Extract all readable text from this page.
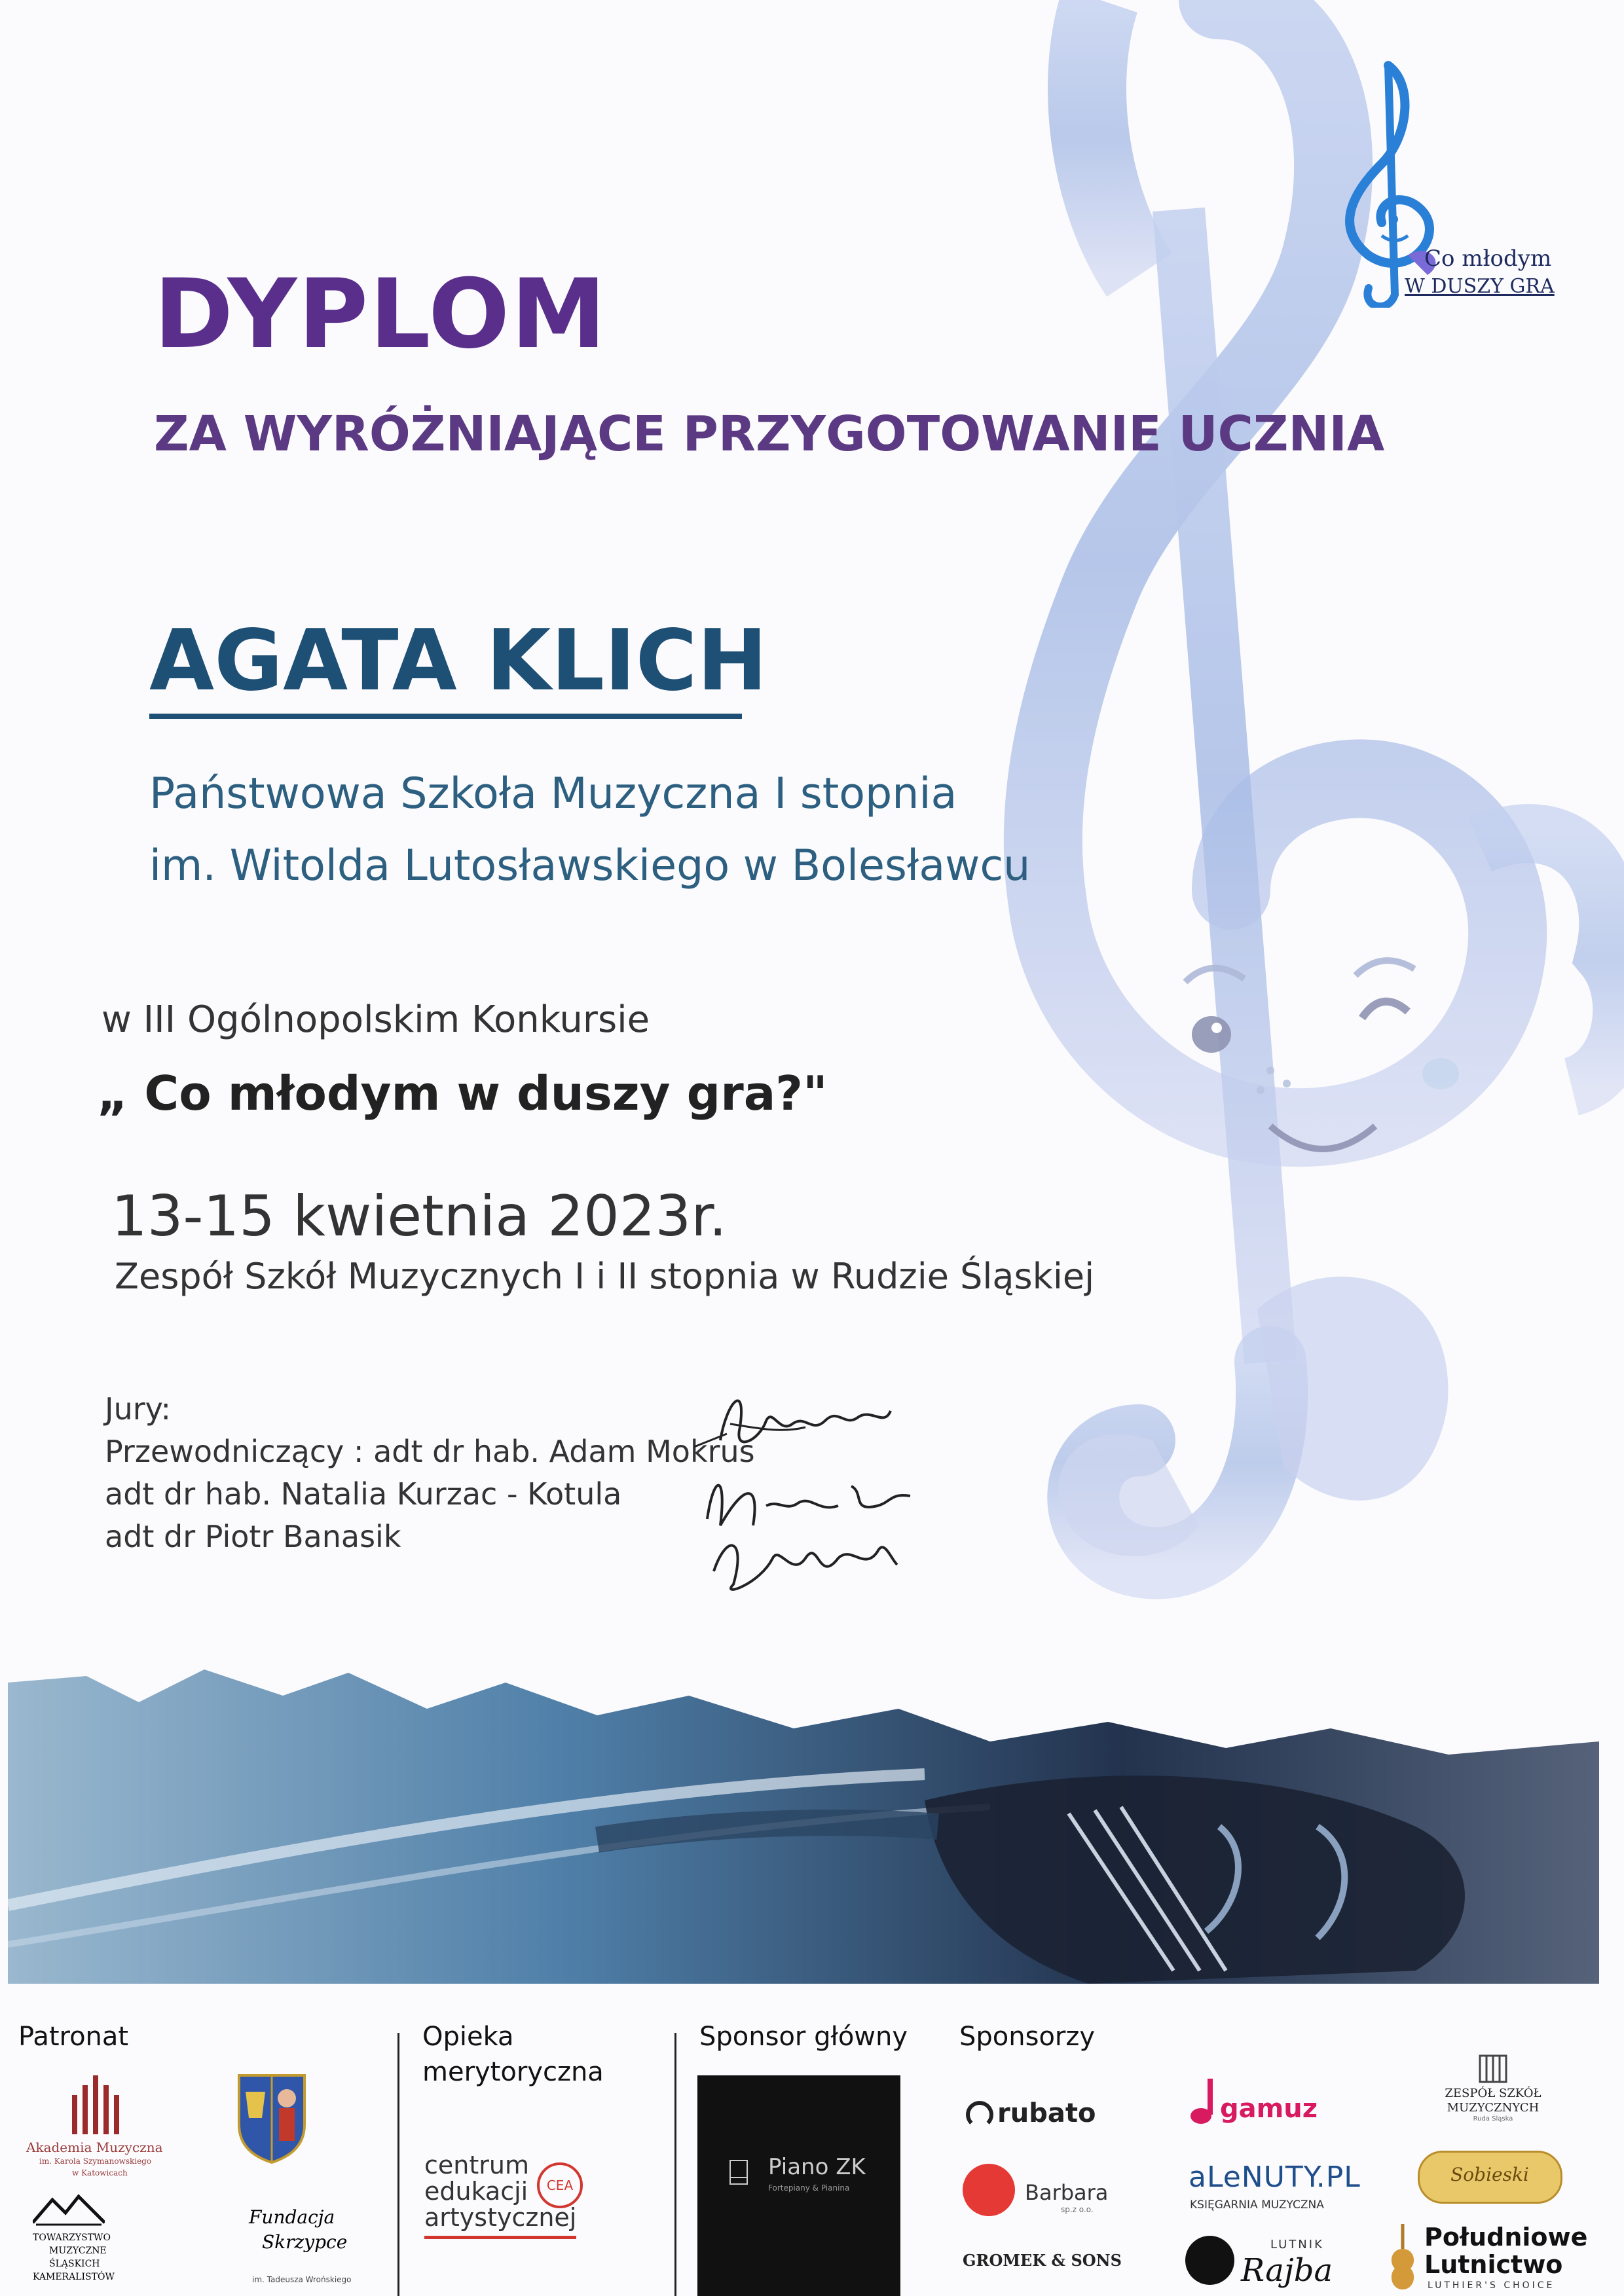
Co młodym
W DUSZY GRA
DYPLOM
ZA WYRÓŻNIAJĄCE PRZYGOTOWANIE UCZNIA
AGATA KLICH
Państwowa Szkoła Muzyczna I stopnia
im. Witolda Lutosławskiego w Bolesławcu
w III Ogólnopolskim Konkursie
„ Co młodym w duszy gra?"
13-15 kwietnia 2023r.
Zespół Szkół Muzycznych I i II stopnia w Rudzie Śląskiej
Jury:
Przewodniczący : adt dr hab. Adam Mokrus
adt dr hab. Natalia Kurzac - Kotula
adt dr Piotr Banasik
Patronat	Opieka
merytoryczna
Sponsor główny Sponsorzy
Akademia Muzyczna
im. Karola Szymanowskiego
w Katowicach
TOWARZYSTWO
MUZYCZNE
ŚLĄSKICH
KAMERALISTÓW
Fundacja
Skrzypce
im. Tadeusza Wrońskiego
centrum
edukacji
artystycznej
CEA
Piano ZK
Fortepiany & Pianina
rubato	gamuz
ZESPÓŁ SZKÓŁ
MUZYCZNYCH
Ruda Śląska
Barbara
sp.z o.o.
aLeNUTY.PL
KSIĘGARNIA MUZYCZNA
Sobieski
GROMEK & SONS
LUTNIK
Rajba
Południowe
Lutnictwo
LUTHIER'S CHOICE
